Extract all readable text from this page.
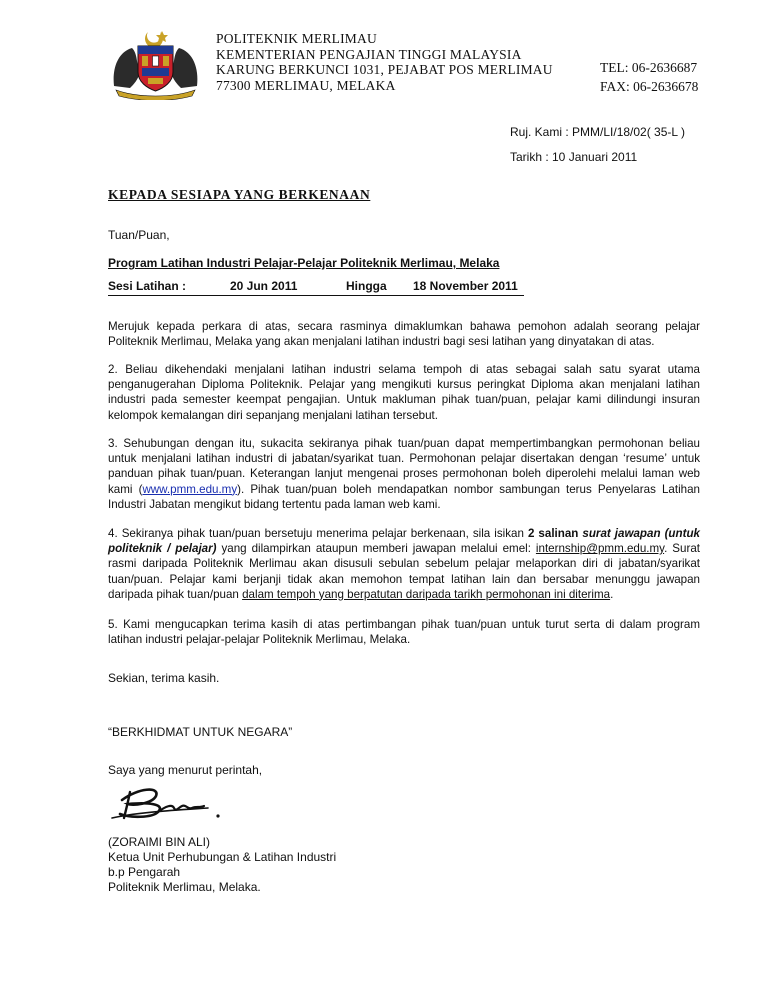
POLITEKNIK MERLIMAU
KEMENTERIAN PENGAJIAN TINGGI MALAYSIA
KARUNG BERKUNCI 1031, PEJABAT POS MERLIMAU
77300 MERLIMAU, MELAKA
TEL: 06-2636687
FAX: 06-2636678
Ruj. Kami : PMM/LI/18/02( 35-L )
Tarikh : 10 Januari 2011
KEPADA SESIAPA YANG BERKENAAN
Tuan/Puan,
Program Latihan Industri Pelajar-Pelajar Politeknik Merlimau, Melaka
Sesi Latihan :	20 Jun 2011	Hingga 18 November 2011

Merujuk kepada perkara di atas, secara rasminya dimaklumkan bahawa pemohon adalah seorang pelajar Politeknik Merlimau, Melaka yang akan menjalani latihan industri bagi sesi latihan yang dinyatakan di atas.

2. Beliau dikehendaki menjalani latihan industri selama tempoh di atas sebagai salah satu syarat utama penganugerahan Diploma Politeknik. Pelajar yang mengikuti kursus peringkat Diploma akan menjalani latihan industri pada semester keempat pengajian. Untuk makluman pihak tuan/puan, pelajar kami dilindungi insuran kelompok kemalangan diri sepanjang menjalani latihan tersebut.

3. Sehubungan dengan itu, sukacita sekiranya pihak tuan/puan dapat mempertimbangkan permohonan beliau untuk menjalani latihan industri di jabatan/syarikat tuan. Permohonan pelajar disertakan dengan ‘resume’ untuk panduan pihak tuan/puan. Keterangan lanjut mengenai proses permohonan boleh diperolehi melalui laman web kami (www.pmm.edu.my). Pihak tuan/puan boleh mendapatkan nombor sambungan terus Penyelaras Latihan Industri Jabatan mengikut bidang tertentu pada laman web kami.

4. Sekiranya pihak tuan/puan bersetuju menerima pelajar berkenaan, sila isikan 2 salinan surat jawapan (untuk politeknik / pelajar) yang dilampirkan ataupun memberi jawapan melalui emel: internship@pmm.edu.my. Surat rasmi daripada Politeknik Merlimau akan disusuli sebulan sebelum pelajar melaporkan diri di jabatan/syarikat tuan/puan. Pelajar kami berjanji tidak akan memohon tempat latihan lain dan bersabar menunggu jawapan daripada pihak tuan/puan dalam tempoh yang berpatutan daripada tarikh permohonan ini diterima.

5. Kami mengucapkan terima kasih di atas pertimbangan pihak tuan/puan untuk turut serta di dalam program latihan industri pelajar-pelajar Politeknik Merlimau, Melaka.

Sekian, terima kasih.
“BERKHIDMAT UNTUK NEGARA”
Saya yang menurut perintah,
(ZORAIMI BIN ALI)
Ketua Unit Perhubungan & Latihan Industri
b.p Pengarah
Politeknik Merlimau, Melaka.
